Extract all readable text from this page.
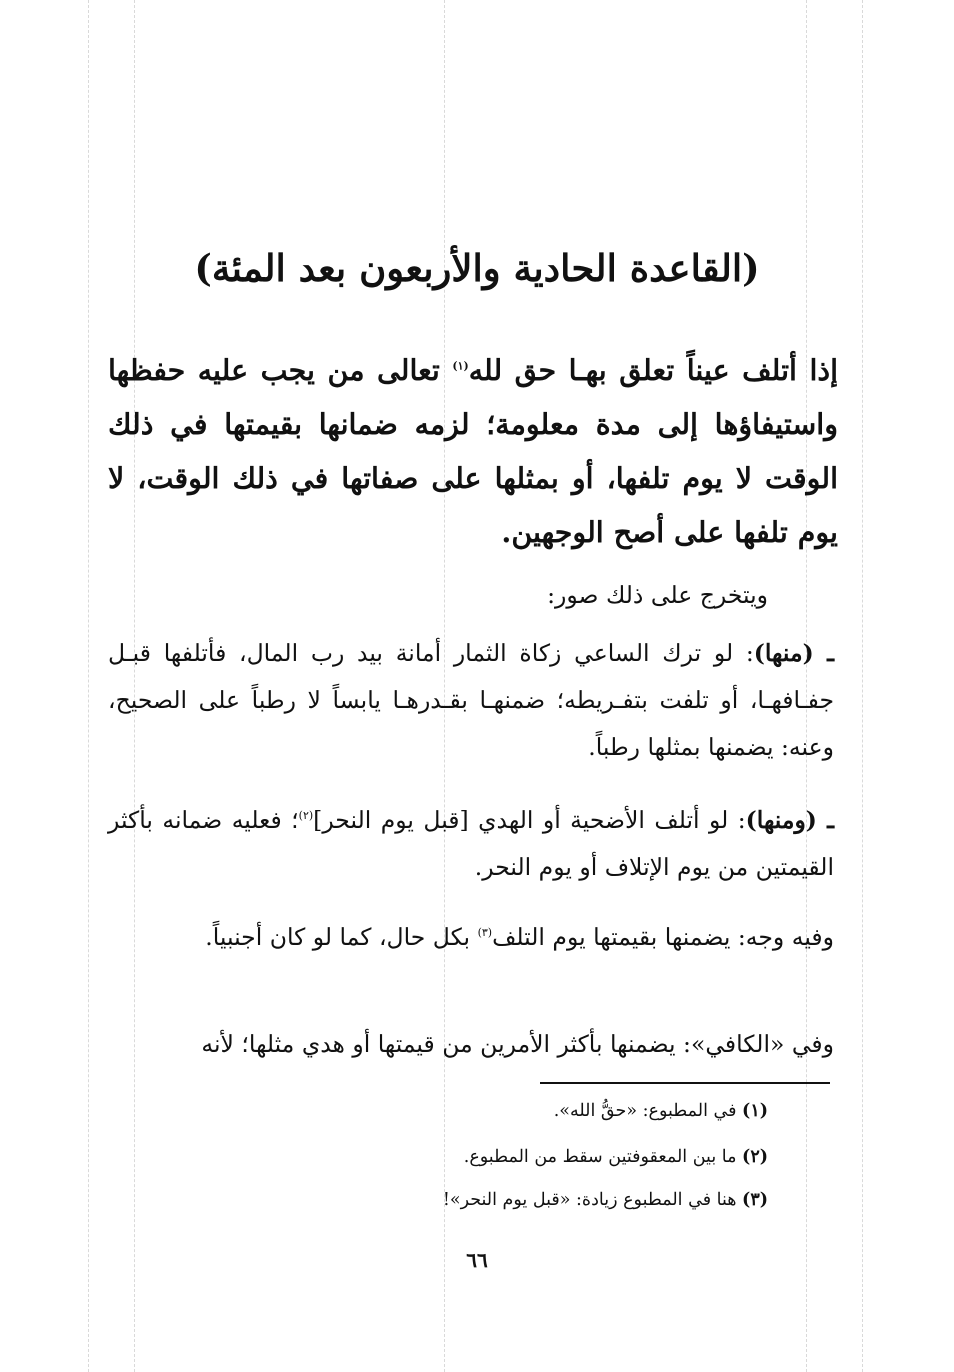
(القاعدة الحادية والأربعون بعد المئة)
إذا أتلف عيناً تعلق بهـا حق لله$^{(١)}$ تعالى من يجب عليه حفظها واستيفاؤها إلى مدة معلومة؛ لزمه ضمانها بقيمتها في ذلك الوقت لا يوم تلفها، أو بمثلها على صفاتها في ذلك الوقت، لا يوم تلفها على أصح الوجهين.
ويتخرج على ذلك صور:
ـ (منها): لو ترك الساعي زكاة الثمار أمانة بيد رب المال، فأتلفها قبـل جفـافهـا، أو تلفت بتفـريطه؛ ضمنهـا بقـدرهـا يابساً لا رطباً على الصحيح، وعنه: يضمنها بمثلها رطباً.
ـ (ومنها): لو أتلف الأضحية أو الهدي [قبل يوم النحر]$^{(٢)}$؛ فعليه ضمانه بأكثر القيمتين من يوم الإتلاف أو يوم النحر.
وفيه وجه: يضمنها بقيمتها يوم التلف$^{(٣)}$ بكل حال، كما لو كان أجنبياً.
وفي «الكافي»: يضمنها بأكثر الأمرين من قيمتها أو هدي مثلها؛ لأنه
(١) في المطبوع: «حقُّ الله».
(٢) ما بين المعقوفتين سقط من المطبوع.
(٣) هنا في المطبوع زيادة: «قبل يوم النحر»!
٦٦
